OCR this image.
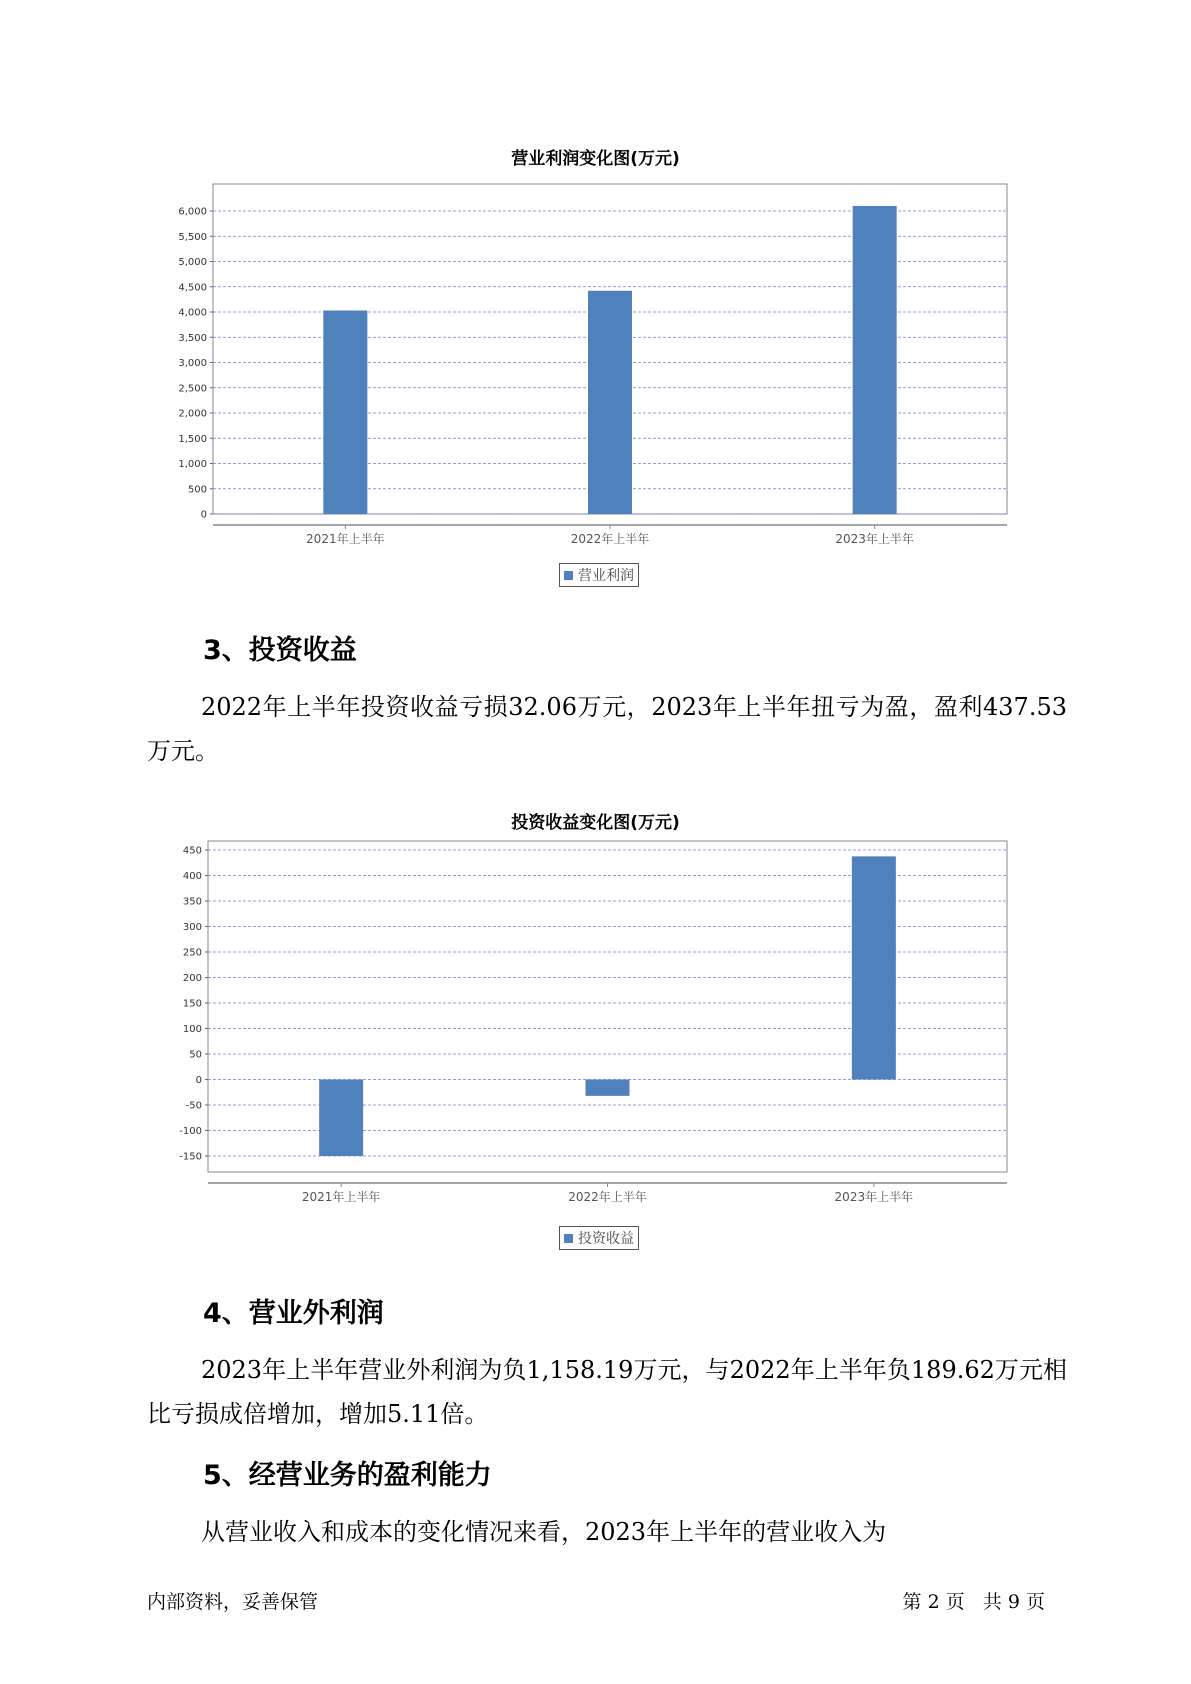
营业利润变化图(万元)
0
500
1,000
1,500
2,000
2,500
3,000
3,500
4,000
4,500
5,000
5,500
6,000
2021年上半年	2022年上半年	2023年上半年
营业利润
3、投资收益

2022年上半年投资收益亏损32.06万元，2023年上半年扭亏为盈，盈利437.53万元。

投资收益变化图(万元)
-150
-100
-50
0
50
100
150
200
250
300
350
400
450
2021年上半年	2022年上半年	2023年上半年
投资收益
4、营业外利润

2023年上半年营业外利润为负1,158.19万元，与2022年上半年负189.62万元相比亏损成倍增加，增加5.11倍。

5、经营业务的盈利能力

从营业收入和成本的变化情况来看，2023年上半年的营业收入为

内部资料，妥善保管	第 2 页   共 9 页
